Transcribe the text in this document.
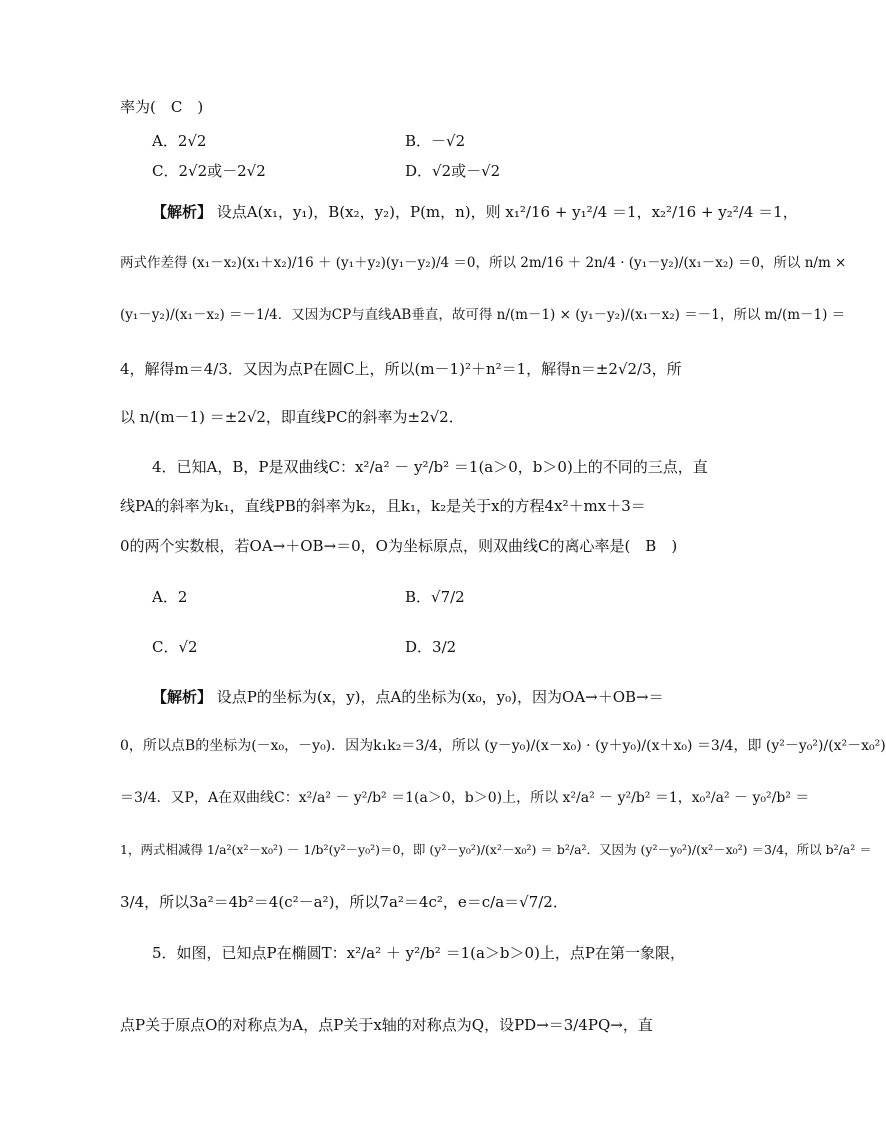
率为(　C　)
A．2√2	B．－√2
C．2√2或－2√2	D．√2或－√2
【解析】 设点A(x₁，y₁)，B(x₂，y₂)，P(m，n)，则 x₁²/16 + y₁²/4 ＝1，x₂²/16 + y₂²/4 ＝1，
两式作差得 (x₁－x₂)(x₁＋x₂)/16 ＋ (y₁＋y₂)(y₁－y₂)/4 ＝0，所以 2m/16 ＋ 2n/4 · (y₁－y₂)/(x₁－x₂) ＝0，所以 n/m ×
(y₁－y₂)/(x₁－x₂) ＝－1/4．又因为CP与直线AB垂直，故可得 n/(m－1) × (y₁－y₂)/(x₁－x₂) ＝－1，所以 m/(m－1) ＝
4，解得m＝4/3．又因为点P在圆C上，所以(m－1)²＋n²＝1，解得n＝±2√2/3，所
以 n/(m－1) ＝±2√2，即直线PC的斜率为±2√2．
4．已知A，B，P是双曲线C：x²/a² － y²/b² ＝1(a＞0，b＞0)上的不同的三点，直
线PA的斜率为k₁，直线PB的斜率为k₂，且k₁，k₂是关于x的方程4x²＋mx＋3＝
0的两个实数根，若OA→＋OB→＝0，O为坐标原点，则双曲线C的离心率是(　B　)
A．2	B．√7/2
C．√2	D．3/2
【解析】 设点P的坐标为(x，y)，点A的坐标为(x₀，y₀)，因为OA→＋OB→＝
0，所以点B的坐标为(－x₀，－y₀)．因为k₁k₂＝3/4，所以 (y－y₀)/(x－x₀) · (y＋y₀)/(x＋x₀) ＝3/4，即 (y²－y₀²)/(x²－x₀²)
＝3/4．又P，A在双曲线C：x²/a² － y²/b² ＝1(a＞0，b＞0)上，所以 x²/a² － y²/b² ＝1，x₀²/a² － y₀²/b² ＝
1，两式相减得 1/a²(x²－x₀²) － 1/b²(y²－y₀²)＝0，即 (y²－y₀²)/(x²－x₀²) ＝ b²/a²．又因为 (y²－y₀²)/(x²－x₀²) ＝3/4，所以 b²/a² ＝
3/4，所以3a²＝4b²＝4(c²－a²)，所以7a²＝4c²，e＝c/a＝√7/2．
5．如图，已知点P在椭圆T：x²/a² ＋ y²/b² ＝1(a＞b＞0)上，点P在第一象限，
点P关于原点O的对称点为A，点P关于x轴的对称点为Q，设PD→＝3/4PQ→，直
